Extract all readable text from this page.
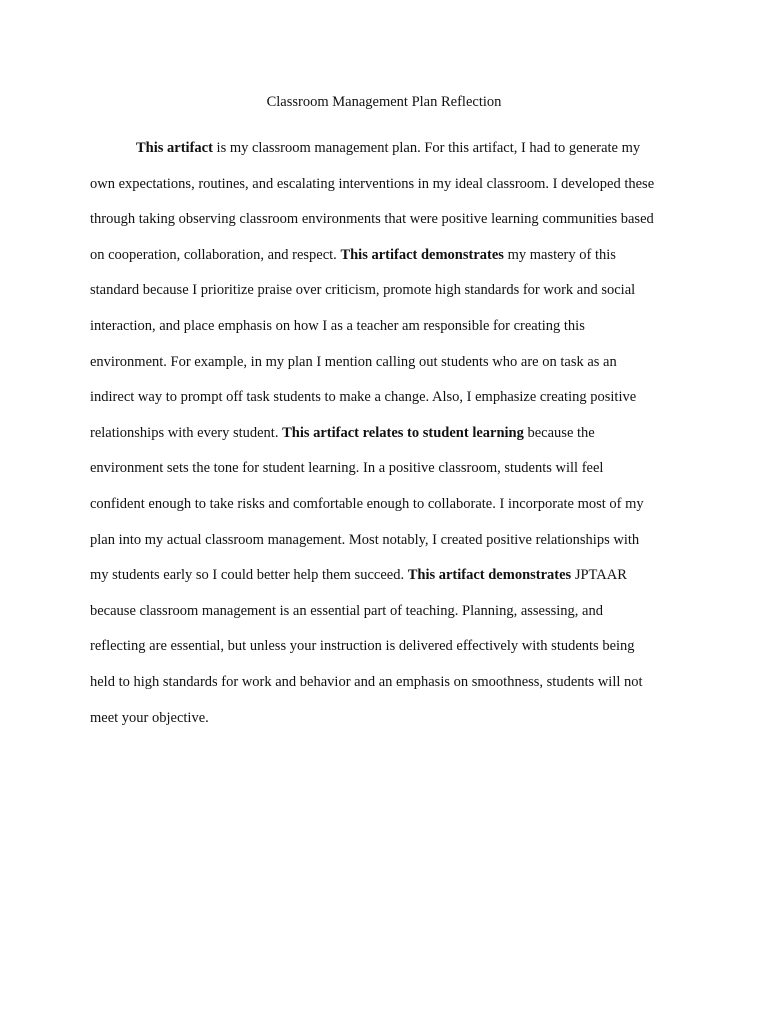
Classroom Management Plan Reflection
This artifact is my classroom management plan. For this artifact, I had to generate my
own expectations, routines, and escalating interventions in my ideal classroom. I developed these
through taking observing classroom environments that were positive learning communities based
on cooperation, collaboration, and respect. This artifact demonstrates my mastery of this
standard because I prioritize praise over criticism, promote high standards for work and social
interaction, and place emphasis on how I as a teacher am responsible for creating this
environment. For example, in my plan I mention calling out students who are on task as an
indirect way to prompt off task students to make a change. Also, I emphasize creating positive
relationships with every student. This artifact relates to student learning because the
environment sets the tone for student learning. In a positive classroom, students will feel
confident enough to take risks and comfortable enough to collaborate. I incorporate most of my
plan into my actual classroom management. Most notably, I created positive relationships with
my students early so I could better help them succeed. This artifact demonstrates JPTAAR
because classroom management is an essential part of teaching. Planning, assessing, and
reflecting are essential, but unless your instruction is delivered effectively with students being
held to high standards for work and behavior and an emphasis on smoothness, students will not
meet your objective.
